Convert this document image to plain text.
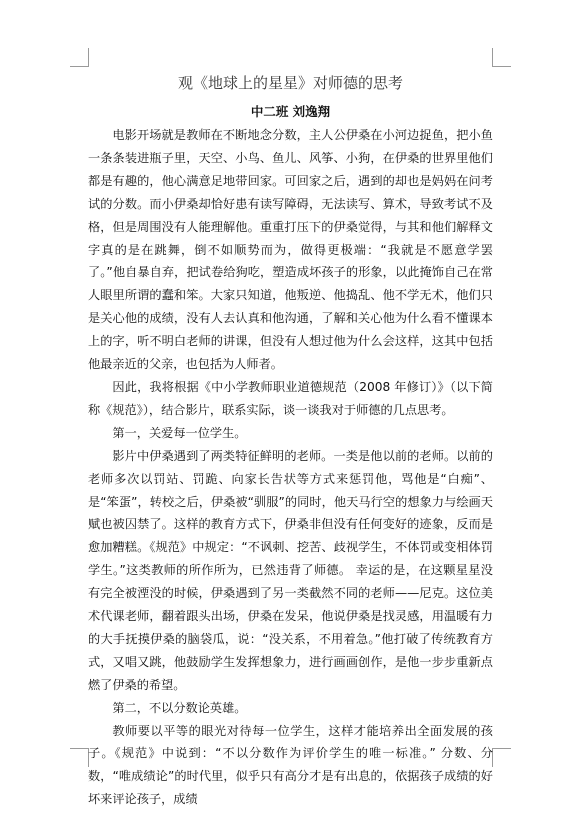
观《地球上的星星》对师德的思考
中二班 刘逸翔

电影开场就是教师在不断地念分数，主人公伊桑在小河边捉鱼，把小鱼一条条装进瓶子里，天空、小鸟、鱼儿、风筝、小狗，在伊桑的世界里他们都是有趣的，他心满意足地带回家。可回家之后，遇到的却也是妈妈在问考试的分数。而小伊桑却恰好患有读写障碍，无法读写、算术，导致考试不及格，但是周围没有人能理解他。重重打压下的伊桑觉得，与其和他们解释文字真的是在跳舞，倒不如顺势而为，做得更极端：“我就是不愿意学罢了。”他自暴自弃，把试卷给狗吃，塑造成坏孩子的形象，以此掩饰自己在常人眼里所谓的蠢和笨。大家只知道，他叛逆、他捣乱、他不学无术，他们只是关心他的成绩，没有人去认真和他沟通，了解和关心他为什么看不懂课本上的字，听不明白老师的讲课，但没有人想过他为什么会这样，这其中包括他最亲近的父亲，也包括为人师者。

因此，我将根据《中小学教师职业道德规范（2008 年修订）》（以下简称《规范》），结合影片，联系实际，谈一谈我对于师德的几点思考。

第一，关爱每一位学生。

影片中伊桑遇到了两类特征鲜明的老师。一类是他以前的老师。以前的老师多次以罚站、罚跪、向家长告状等方式来惩罚他，骂他是“白痴”、是“笨蛋”，转校之后，伊桑被“驯服”的同时，他天马行空的想象力与绘画天赋也被囚禁了。这样的教育方式下，伊桑非但没有任何变好的迹象，反而是愈加糟糕。《规范》中规定：“不讽刺、挖苦、歧视学生，不体罚或变相体罚学生。”这类教师的所作所为，已然违背了师德。 幸运的是，在这颗星星没有完全被湮没的时候，伊桑遇到了另一类截然不同的老师——尼克。这位美术代课老师，翻着跟头出场，伊桑在发呆，他说伊桑是找灵感，用温暖有力的大手抚摸伊桑的脑袋瓜，说：“没关系，不用着急。”他打破了传统教育方式，又唱又跳，他鼓励学生发挥想象力，进行画画创作，是他一步步重新点燃了伊桑的希望。

第二，不以分数论英雄。

教师要以平等的眼光对待每一位学生，这样才能培养出全面发展的孩子。《规范》中说到：“不以分数作为评价学生的唯一标准。” 分数、分数，“唯成绩论”的时代里，似乎只有高分才是有出息的，依据孩子成绩的好坏来评论孩子，成绩
